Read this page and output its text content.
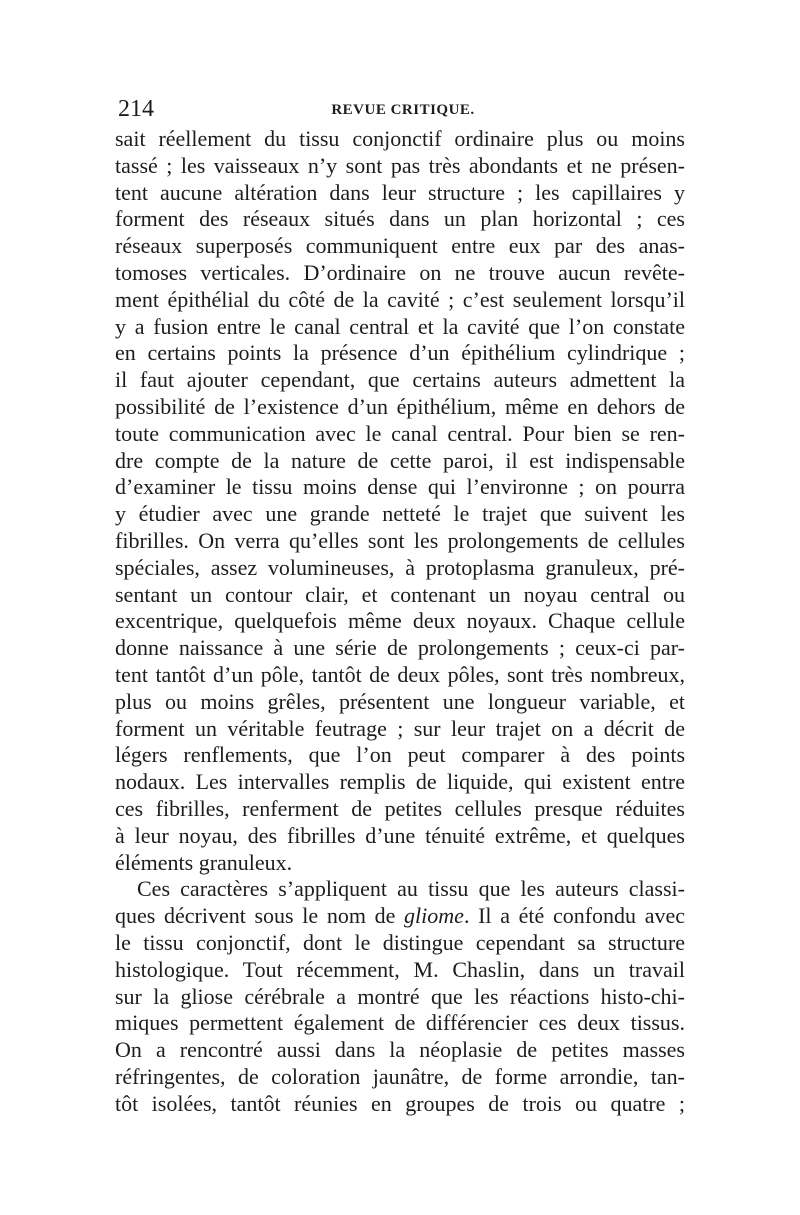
214	REVUE CRITIQUE.
sait réellement du tissu conjonctif ordinaire plus ou moins
tassé ; les vaisseaux n’y sont pas très abondants et ne présen-
tent aucune altération dans leur structure ; les capillaires y
forment des réseaux situés dans un plan horizontal ; ces
réseaux superposés communiquent entre eux par des anas-
tomoses verticales. D’ordinaire on ne trouve aucun revête-
ment épithélial du côté de la cavité ; c’est seulement lorsqu’il
y a fusion entre le canal central et la cavité que l’on constate
en certains points la présence d’un épithélium cylindrique ;
il faut ajouter cependant, que certains auteurs admettent la
possibilité de l’existence d’un épithélium, même en dehors de
toute communication avec le canal central. Pour bien se ren-
dre compte de la nature de cette paroi, il est indispensable
d’examiner le tissu moins dense qui l’environne ; on pourra
y étudier avec une grande netteté le trajet que suivent les
fibrilles. On verra qu’elles sont les prolongements de cellules
spéciales, assez volumineuses, à protoplasma granuleux, pré-
sentant un contour clair, et contenant un noyau central ou
excentrique, quelquefois même deux noyaux. Chaque cellule
donne naissance à une série de prolongements ; ceux-ci par-
tent tantôt d’un pôle, tantôt de deux pôles, sont très nombreux,
plus ou moins grêles, présentent une longueur variable, et
forment un véritable feutrage ; sur leur trajet on a décrit de
légers renflements, que l’on peut comparer à des points
nodaux. Les intervalles remplis de liquide, qui existent entre
ces fibrilles, renferment de petites cellules presque réduites
à leur noyau, des fibrilles d’une ténuité extrême, et quelques
éléments granuleux.
Ces caractères s’appliquent au tissu que les auteurs classi-
ques décrivent sous le nom de gliome. Il a été confondu avec
le tissu conjonctif, dont le distingue cependant sa structure
histologique. Tout récemment, M. Chaslin, dans un travail
sur la gliose cérébrale a montré que les réactions histo-chi-
miques permettent également de différencier ces deux tissus.
On a rencontré aussi dans la néoplasie de petites masses
réfringentes, de coloration jaunâtre, de forme arrondie, tan-
tôt isolées, tantôt réunies en groupes de trois ou quatre ;
